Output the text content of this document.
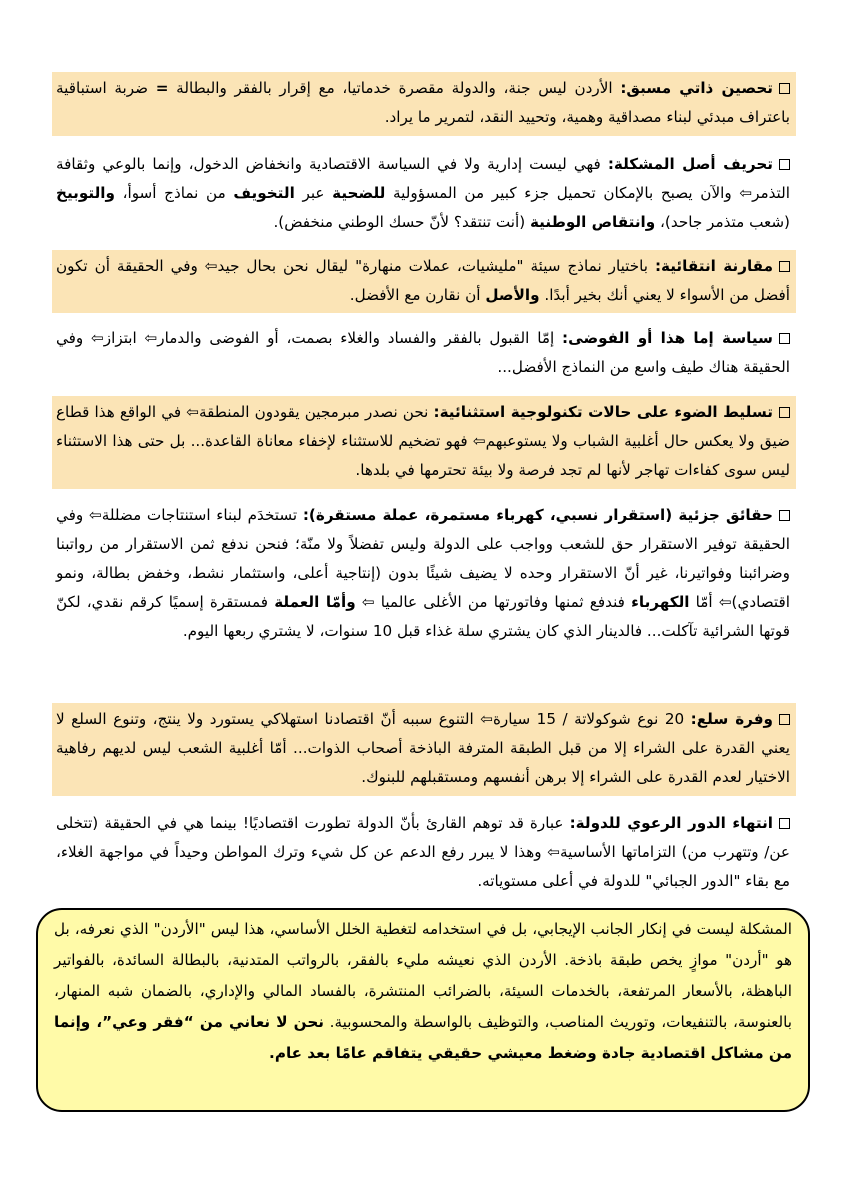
تحصين ذاتي مسبق: الأردن ليس جنة، والدولة مقصرة خدماتيا، مع إقرار بالفقر والبطالة = ضربة استباقية باعتراف مبدئي لبناء مصداقية وهمية، وتحييد النقد، لتمرير ما يراد.
تحريف أصل المشكلة: فهي ليست إدارية ولا في السياسة الاقتصادية وانخفاض الدخول، وإنما بالوعي وثقافة التذمر⇦ والآن يصبح بالإمكان تحميل جزء كبير من المسؤولية للضحية عبر التخويف من نماذج أسوأ، والتوبيخ (شعب متذمر جاحد)، وانتقاص الوطنية (أنت تنتقد؟ لأنّ حسك الوطني منخفض).
مقارنة انتقائية: باختيار نماذج سيئة "مليشيات، عملات منهارة" ليقال نحن بحال جيد⇦ وفي الحقيقة أن تكون أفضل من الأسواء لا يعني أنك بخير أبدًا. والأصل أن نقارن مع الأفضل.
سياسة إما هذا أو الفوضى: إمّا القبول بالفقر والفساد والغلاء بصمت، أو الفوضى والدمار⇦ ابتزاز⇦ وفي الحقيقة هناك طيف واسع من النماذج الأفضل...
تسليط الضوء على حالات تكنولوجية استثنائية: نحن نصدر مبرمجين يقودون المنطقة⇦ في الواقع هذا قطاع ضيق ولا يعكس حال أغلبية الشباب ولا يستوعبهم⇦ فهو تضخيم للاستثناء لإخفاء معاناة القاعدة... بل حتى هذا الاستثناء ليس سوى كفاءات تهاجر لأنها لم تجد فرصة ولا بيئة تحترمها في بلدها.
حقائق جزئية (استقرار نسبي، كهرباء مستمرة، عملة مستقرة): تستخدَم لبناء استنتاجات مضللة⇦ وفي الحقيقة توفير الاستقرار حق للشعب وواجب على الدولة وليس تفضلاً ولا منّة؛ فنحن ندفع ثمن الاستقرار من رواتبنا وضرائبنا وفواتيرنا، غير أنّ الاستقرار وحده لا يضيف شيئًا بدون (إنتاجية أعلى، واستثمار نشط، وخفض بطالة، ونمو اقتصادي)⇦ أمّا الكهرباء فندفع ثمنها وفاتورتها من الأغلى عالميا ⇦ وأمّا العملة فمستقرة إسميًا كرقم نقدي، لكنّ قوتها الشرائية تآكلت... فالدينار الذي كان يشتري سلة غذاء قبل 10 سنوات، لا يشتري ربعها اليوم.
وفرة سلع: 20 نوع شوكولاتة / 15 سيارة⇦ التنوع سببه أنّ اقتصادنا استهلاكي يستورد ولا ينتج، وتنوع السلع لا يعني القدرة على الشراء إلا من قبل الطبقة المترفة الباذخة أصحاب الذوات... أمّا أغلبية الشعب ليس لديهم رفاهية الاختيار لعدم القدرة على الشراء إلا برهن أنفسهم ومستقبلهم للبنوك.
انتهاء الدور الرعوي للدولة: عبارة قد توهم القارئ بأنّ الدولة تطورت اقتصاديًا! بينما هي في الحقيقة (تتخلى عن/ وتتهرب من) التزاماتها الأساسية⇦ وهذا لا يبرر رفع الدعم عن كل شيء وترك المواطن وحيداً في مواجهة الغلاء، مع بقاء "الدور الجبائي" للدولة في أعلى مستوياته.
المشكلة ليست في إنكار الجانب الإيجابي، بل في استخدامه لتغطية الخلل الأساسي، هذا ليس "الأردن" الذي نعرفه، بل هو "أردن" موازٍ يخص طبقة باذخة. الأردن الذي نعيشه مليء بالفقر، بالرواتب المتدنية، بالبطالة السائدة، بالفواتير الباهظة، بالأسعار المرتفعة، بالخدمات السيئة، بالضرائب المنتشرة، بالفساد المالي والإداري، بالضمان شبه المنهار، بالعنوسة، بالتنفيعات، وتوريث المناصب، والتوظيف بالواسطة والمحسوبية. نحن لا نعاني من “فقر وعي”، وإنما من مشاكل اقتصادية جادة وضغط معيشي حقيقي يتفاقم عامًا بعد عام.
